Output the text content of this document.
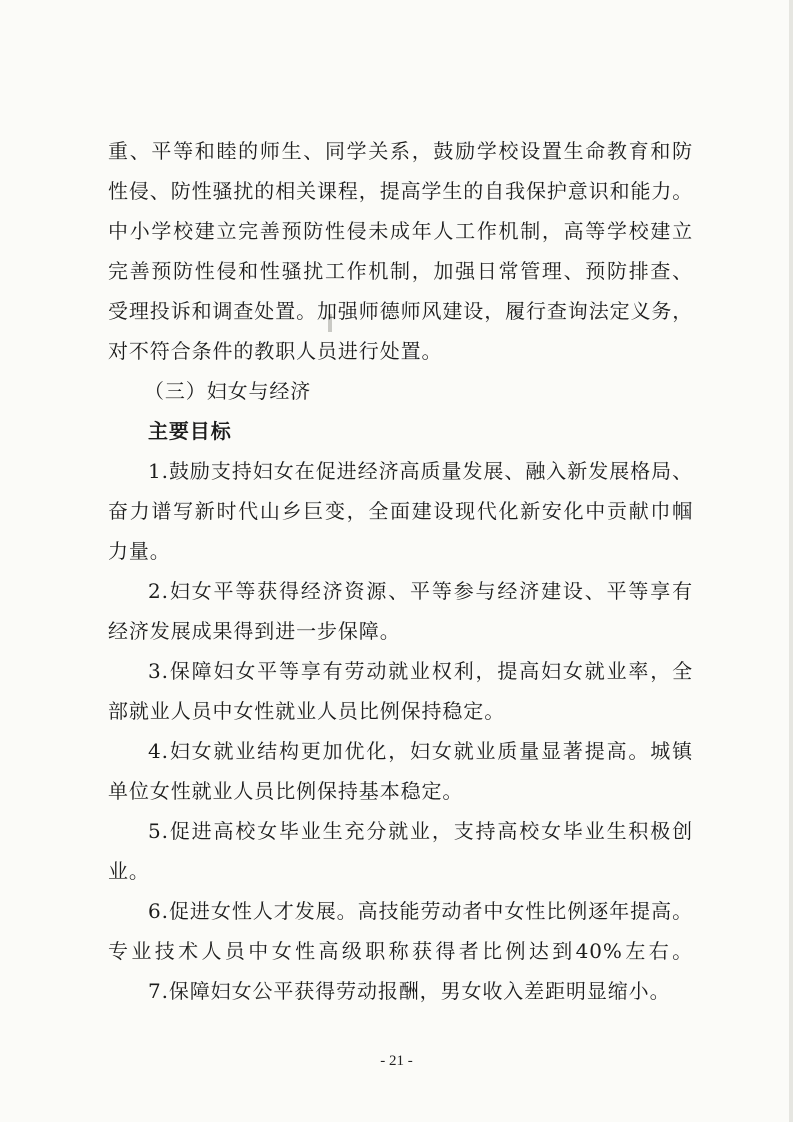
重、平等和睦的师生、同学关系，鼓励学校设置生命教育和防
性侵、防性骚扰的相关课程，提高学生的自我保护意识和能力。
中小学校建立完善预防性侵未成年人工作机制，高等学校建立
完善预防性侵和性骚扰工作机制，加强日常管理、预防排查、
受理投诉和调查处置。加强师德师风建设，履行查询法定义务，
对不符合条件的教职人员进行处置。
（三）妇女与经济
主要目标
1.鼓励支持妇女在促进经济高质量发展、融入新发展格局、
奋力谱写新时代山乡巨变，全面建设现代化新安化中贡献巾帼
力量。
2.妇女平等获得经济资源、平等参与经济建设、平等享有
经济发展成果得到进一步保障。
3.保障妇女平等享有劳动就业权利，提高妇女就业率，全
部就业人员中女性就业人员比例保持稳定。
4.妇女就业结构更加优化，妇女就业质量显著提高。城镇
单位女性就业人员比例保持基本稳定。
5.促进高校女毕业生充分就业，支持高校女毕业生积极创
业。
6.促进女性人才发展。高技能劳动者中女性比例逐年提高。
专业技术人员中女性高级职称获得者比例达到40%左右。
7.保障妇女公平获得劳动报酬，男女收入差距明显缩小。
- 21 -
